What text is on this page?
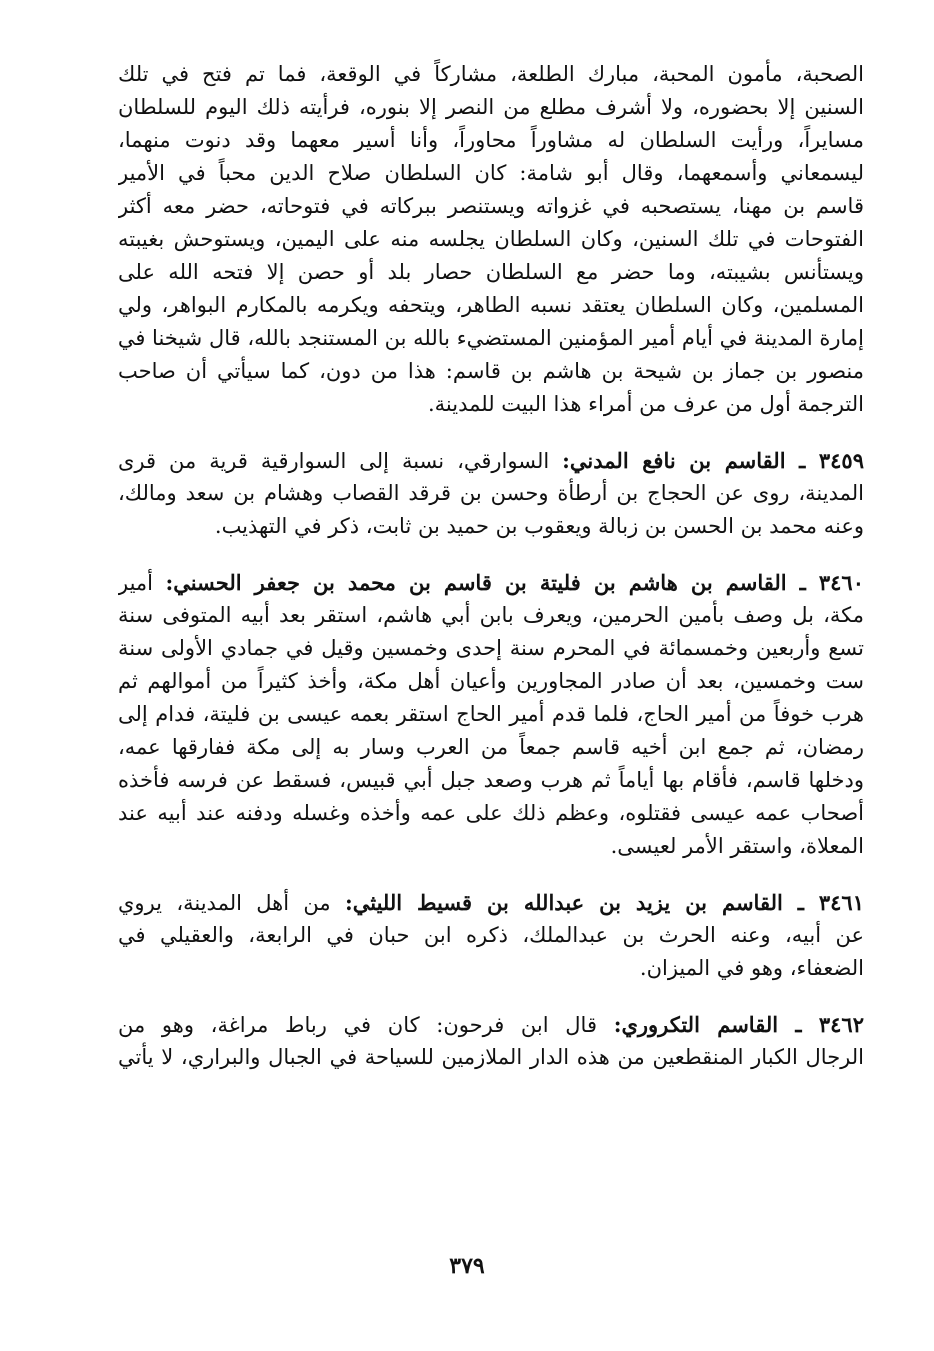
الصحبة، مأمون المحبة، مبارك الطلعة، مشاركاً في الوقعة، فما تم فتح في تلك
السنين إلا بحضوره، ولا أشرف مطلع من النصر إلا بنوره، فرأيته ذلك اليوم للسلطان
مسايراً، ورأيت السلطان له مشاوراً محاوراً، وأنا أسير معهما وقد دنوت منهما،
ليسمعاني وأسمعهما، وقال أبو شامة: كان السلطان صلاح الدين محباً في الأمير
قاسم بن مهنا، يستصحبه في غزواته ويستنصر ببركاته في فتوحاته، حضر معه أكثر
الفتوحات في تلك السنين، وكان السلطان يجلسه منه على اليمين، ويستوحش بغيبته
ويستأنس بشيبته، وما حضر مع السلطان حصار بلد أو حصن إلا فتحه الله على
المسلمين، وكان السلطان يعتقد نسبه الطاهر، ويتحفه ويكرمه بالمكارم البواهر، ولي
إمارة المدينة في أيام أمير المؤمنين المستضيء بالله بن المستنجد بالله، قال شيخنا في
منصور بن جماز بن شيحة بن هاشم بن قاسم: هذا من دون، كما سيأتي أن صاحب
الترجمة أول من عرف من أمراء هذا البيت للمدينة.
٣٤٥٩ ـ القاسم بن نافع المدني: السوارقي، نسبة إلى السوارقية قرية من قرى
المدينة، روى عن الحجاج بن أرطأة وحسن بن قرقد القصاب وهشام بن سعد ومالك،
وعنه محمد بن الحسن بن زبالة ويعقوب بن حميد بن ثابت، ذكر في التهذيب.
٣٤٦٠ ـ القاسم بن هاشم بن فليتة بن قاسم بن محمد بن جعفر الحسني: أمير
مكة، بل وصف بأمين الحرمين، ويعرف بابن أبي هاشم، استقر بعد أبيه المتوفى سنة
تسع وأربعين وخمسمائة في المحرم سنة إحدى وخمسين وقيل في جمادي الأولى سنة
ست وخمسين، بعد أن صادر المجاورين وأعيان أهل مكة، وأخذ كثيراً من أموالهم ثم
هرب خوفاً من أمير الحاج، فلما قدم أمير الحاج استقر بعمه عيسى بن فليتة، فدام إلى
رمضان، ثم جمع ابن أخيه قاسم جمعاً من العرب وسار به إلى مكة ففارقها عمه،
ودخلها قاسم، فأقام بها أياماً ثم هرب وصعد جبل أبي قبيس، فسقط عن فرسه فأخذه
أصحاب عمه عيسى فقتلوه، وعظم ذلك على عمه وأخذه وغسله ودفنه عند أبيه عند
المعلاة، واستقر الأمر لعيسى.
٣٤٦١ ـ القاسم بن يزيد بن عبدالله بن قسيط الليثي: من أهل المدينة، يروي
عن أبيه، وعنه الحرث بن عبدالملك، ذكره ابن حبان في الرابعة، والعقيلي في
الضعفاء، وهو في الميزان.
٣٤٦٢ ـ القاسم التكروري: قال ابن فرحون: كان في رباط مراغة، وهو من
الرجال الكبار المنقطعين من هذه الدار الملازمين للسياحة في الجبال والبراري، لا يأتي
٣٧٩
